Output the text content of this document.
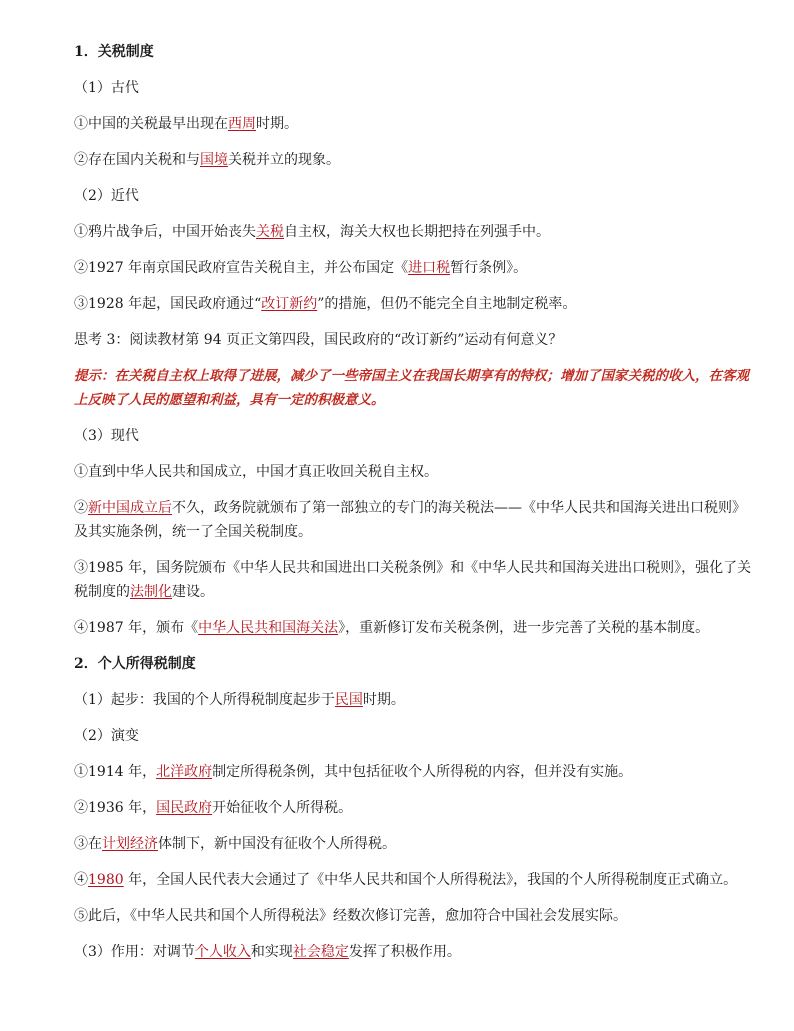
1．关税制度
（1）古代
①中国的关税最早出现在西周时期。
②存在国内关税和与国境关税并立的现象。
（2）近代
①鸦片战争后，中国开始丧失关税自主权，海关大权也长期把持在列强手中。
②1927 年南京国民政府宣告关税自主，并公布国定《进口税暂行条例》。
③1928 年起，国民政府通过“改订新约”的措施，但仍不能完全自主地制定税率。
思考 3：阅读教材第 94 页正文第四段，国民政府的“改订新约”运动有何意义？
提示：在关税自主权上取得了进展，减少了一些帝国主义在我国长期享有的特权；增加了国家关税的收入，在客观上反映了人民的愿望和利益，具有一定的积极意义。
（3）现代
①直到中华人民共和国成立，中国才真正收回关税自主权。
②新中国成立后不久，政务院就颁布了第一部独立的专门的海关税法——《中华人民共和国海关进出口税则》及其实施条例，统一了全国关税制度。
③1985 年，国务院颁布《中华人民共和国进出口关税条例》和《中华人民共和国海关进出口税则》，强化了关税制度的法制化建设。
④1987 年，颁布《中华人民共和国海关法》，重新修订发布关税条例，进一步完善了关税的基本制度。
2．个人所得税制度
（1）起步：我国的个人所得税制度起步于民国时期。
（2）演变
①1914 年，北洋政府制定所得税条例，其中包括征收个人所得税的内容，但并没有实施。
②1936 年，国民政府开始征收个人所得税。
③在计划经济体制下，新中国没有征收个人所得税。
④1980 年，全国人民代表大会通过了《中华人民共和国个人所得税法》，我国的个人所得税制度正式确立。
⑤此后，《中华人民共和国个人所得税法》经数次修订完善，愈加符合中国社会发展实际。
（3）作用：对调节个人收入和实现社会稳定发挥了积极作用。
